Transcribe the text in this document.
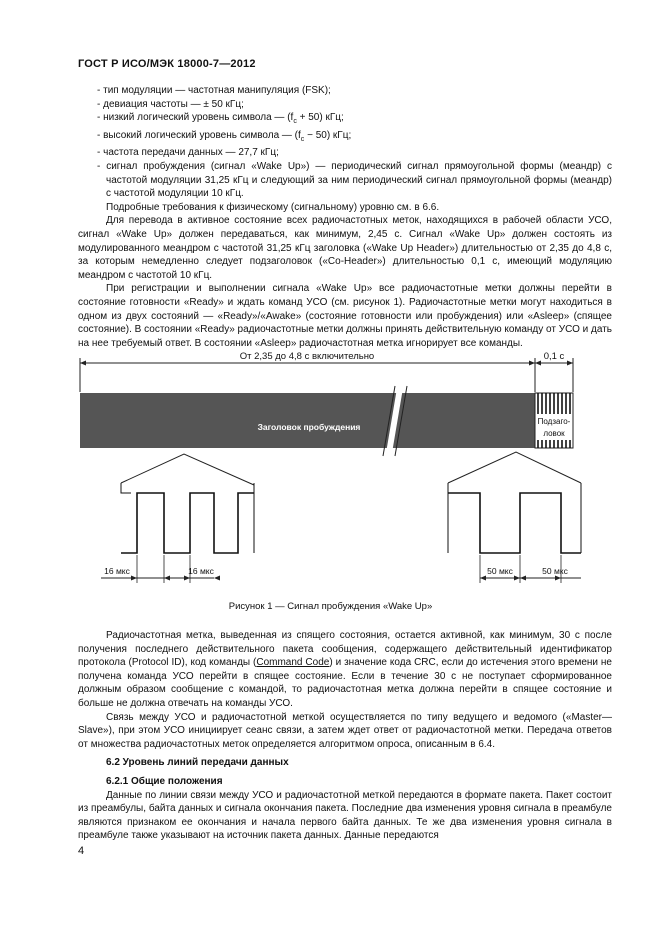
ГОСТ Р ИСО/МЭК 18000-7—2012

- тип модуляции — частотная манипуляция (FSK);

- девиация частоты — ± 50 кГц;

- низкий логический уровень символа — $(f_c + 50)$ кГц;

- высокий логический уровень символа — $(f_c - 50)$ кГц;

- частота передачи данных — 27,7 кГц;

- сигнал пробуждения (сигнал «Wake Up») — периодический сигнал прямоугольной формы (меандр) с частотой модуляции 31,25 кГц и следующий за ним периодический сигнал прямоугольной формы (меандр) с частотой модуляции 10 кГц.

Подробные требования к физическому (сигнальному) уровню см. в 6.6.

Для перевода в активное состояние всех радиочастотных меток, находящихся в рабочей области УСО, сигнал «Wake Up» должен передаваться, как минимум, 2,45 с. Сигнал «Wake Up» должен состоять из модулированного меандром с частотой 31,25 кГц заголовка («Wake Up Header») длительностью от 2,35 до 4,8 с, за которым немедленно следует подзаголовок («Co-Header») длительностью 0,1 с, имеющий модуляцию меандром с частотой 10 кГц.

При регистрации и выполнении сигнала «Wake Up» все радиочастотные метки должны перейти в состояние готовности «Ready» и ждать команд УСО (см. рисунок 1). Радиочастотные метки могут находиться в одном из двух состояний — «Ready»/«Awake» (состояние готовности или пробуждения) или «Asleep» (спящее состояние). В состоянии «Ready» радиочастотные метки должны принять действительную команду от УСО и дать на нее требуемый ответ. В состоянии «Asleep» радиочастотная метка игнорирует все команды.

От 2,35 до 4,8 с включительно	0,1 с
Заголовок пробуждения
Подзаго-
ловок
16 мкс	16 мкс	50 мкс	50 мкс
Рисунок 1 — Сигнал пробуждения «Wake Up»

Радиочастотная метка, выведенная из спящего состояния, остается активной, как минимум, 30 с после получения последнего действительного пакета сообщения, содержащего действительный идентификатор протокола (Protocol ID), код команды (Command Code) и значение кода CRC, если до истечения этого времени не получена команда УСО перейти в спящее состояние. Если в течение 30 с не поступает сформированное должным образом сообщение с командой, то радиочастотная метка должна перейти в спящее состояние и больше не должна отвечать на команды УСО.

Связь между УСО и радиочастотной меткой осуществляется по типу ведущего и ведомого («Master—Slave»), при этом УСО инициирует сеанс связи, а затем ждет ответ от радиочастотной метки. Передача ответов от множества радиочастотных меток определяется алгоритмом опроса, описанным в 6.4.

6.2 Уровень линий передачи данных

6.2.1 Общие положения

Данные по линии связи между УСО и радиочастотной меткой передаются в формате пакета. Пакет состоит из преамбулы, байта данных и сигнала окончания пакета. Последние два изменения уровня сигнала в преамбуле являются признаком ее окончания и начала первого байта данных. Те же два изменения уровня сигнала в преамбуле также указывают на источник пакета данных. Данные передаются

4
